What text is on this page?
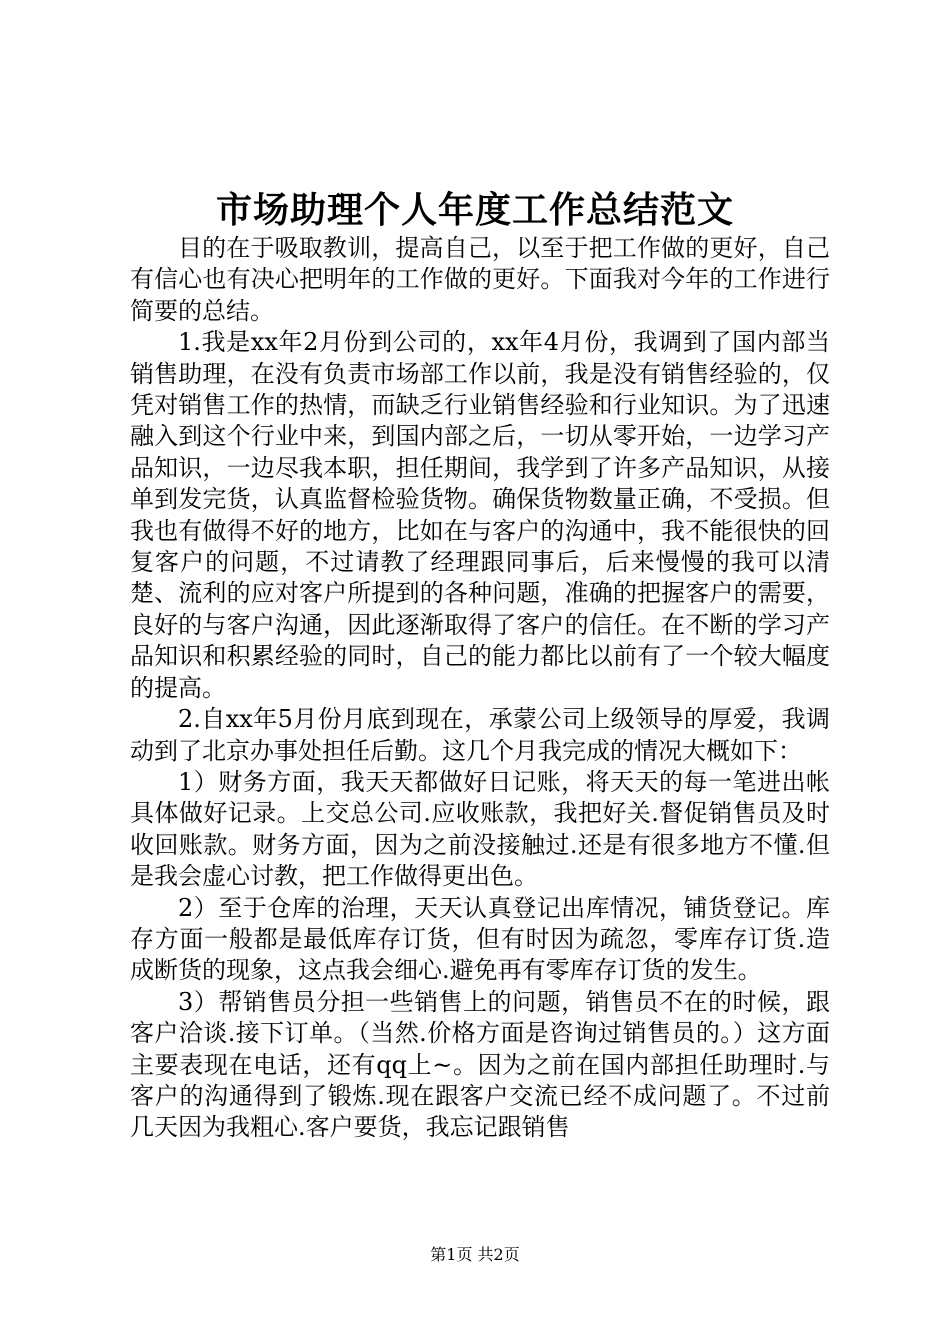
市场助理个人年度工作总结范文

目的在于吸取教训，提高自己，以至于把工作做的更好，自己有信心也有决心把明年的工作做的更好。下面我对今年的工作进行简要的总结。

1.我是xx年2月份到公司的，xx年4月份，我调到了国内部当销售助理，在没有负责市场部工作以前，我是没有销售经验的，仅凭对销售工作的热情，而缺乏行业销售经验和行业知识。为了迅速融入到这个行业中来，到国内部之后，一切从零开始，一边学习产品知识，一边尽我本职，担任期间，我学到了许多产品知识，从接单到发完货，认真监督检验货物。确保货物数量正确，不受损。但我也有做得不好的地方，比如在与客户的沟通中，我不能很快的回复客户的问题，不过请教了经理跟同事后，后来慢慢的我可以清楚、流利的应对客户所提到的各种问题，准确的把握客户的需要，良好的与客户沟通，因此逐渐取得了客户的信任。在不断的学习产品知识和积累经验的同时，自己的能力都比以前有了一个较大幅度的提高。

2.自xx年5月份月底到现在，承蒙公司上级领导的厚爱，我调动到了北京办事处担任后勤。这几个月我完成的情况大概如下：

1）财务方面，我天天都做好日记账，将天天的每一笔进出帐具体做好记录。上交总公司.应收账款，我把好关.督促销售员及时收回账款。财务方面，因为之前没接触过.还是有很多地方不懂.但是我会虚心讨教，把工作做得更出色。

2）至于仓库的治理，天天认真登记出库情况，铺货登记。库存方面一般都是最低库存订货，但有时因为疏忽，零库存订货.造成断货的现象，这点我会细心.避免再有零库存订货的发生。

3）帮销售员分担一些销售上的问题，销售员不在的时候，跟客户洽谈.接下订单。（当然.价格方面是咨询过销售员的。）这方面主要表现在电话，还有qq上~。因为之前在国内部担任助理时.与客户的沟通得到了锻炼.现在跟客户交流已经不成问题了。不过前几天因为我粗心.客户要货，我忘记跟销售

第1页 共2页
